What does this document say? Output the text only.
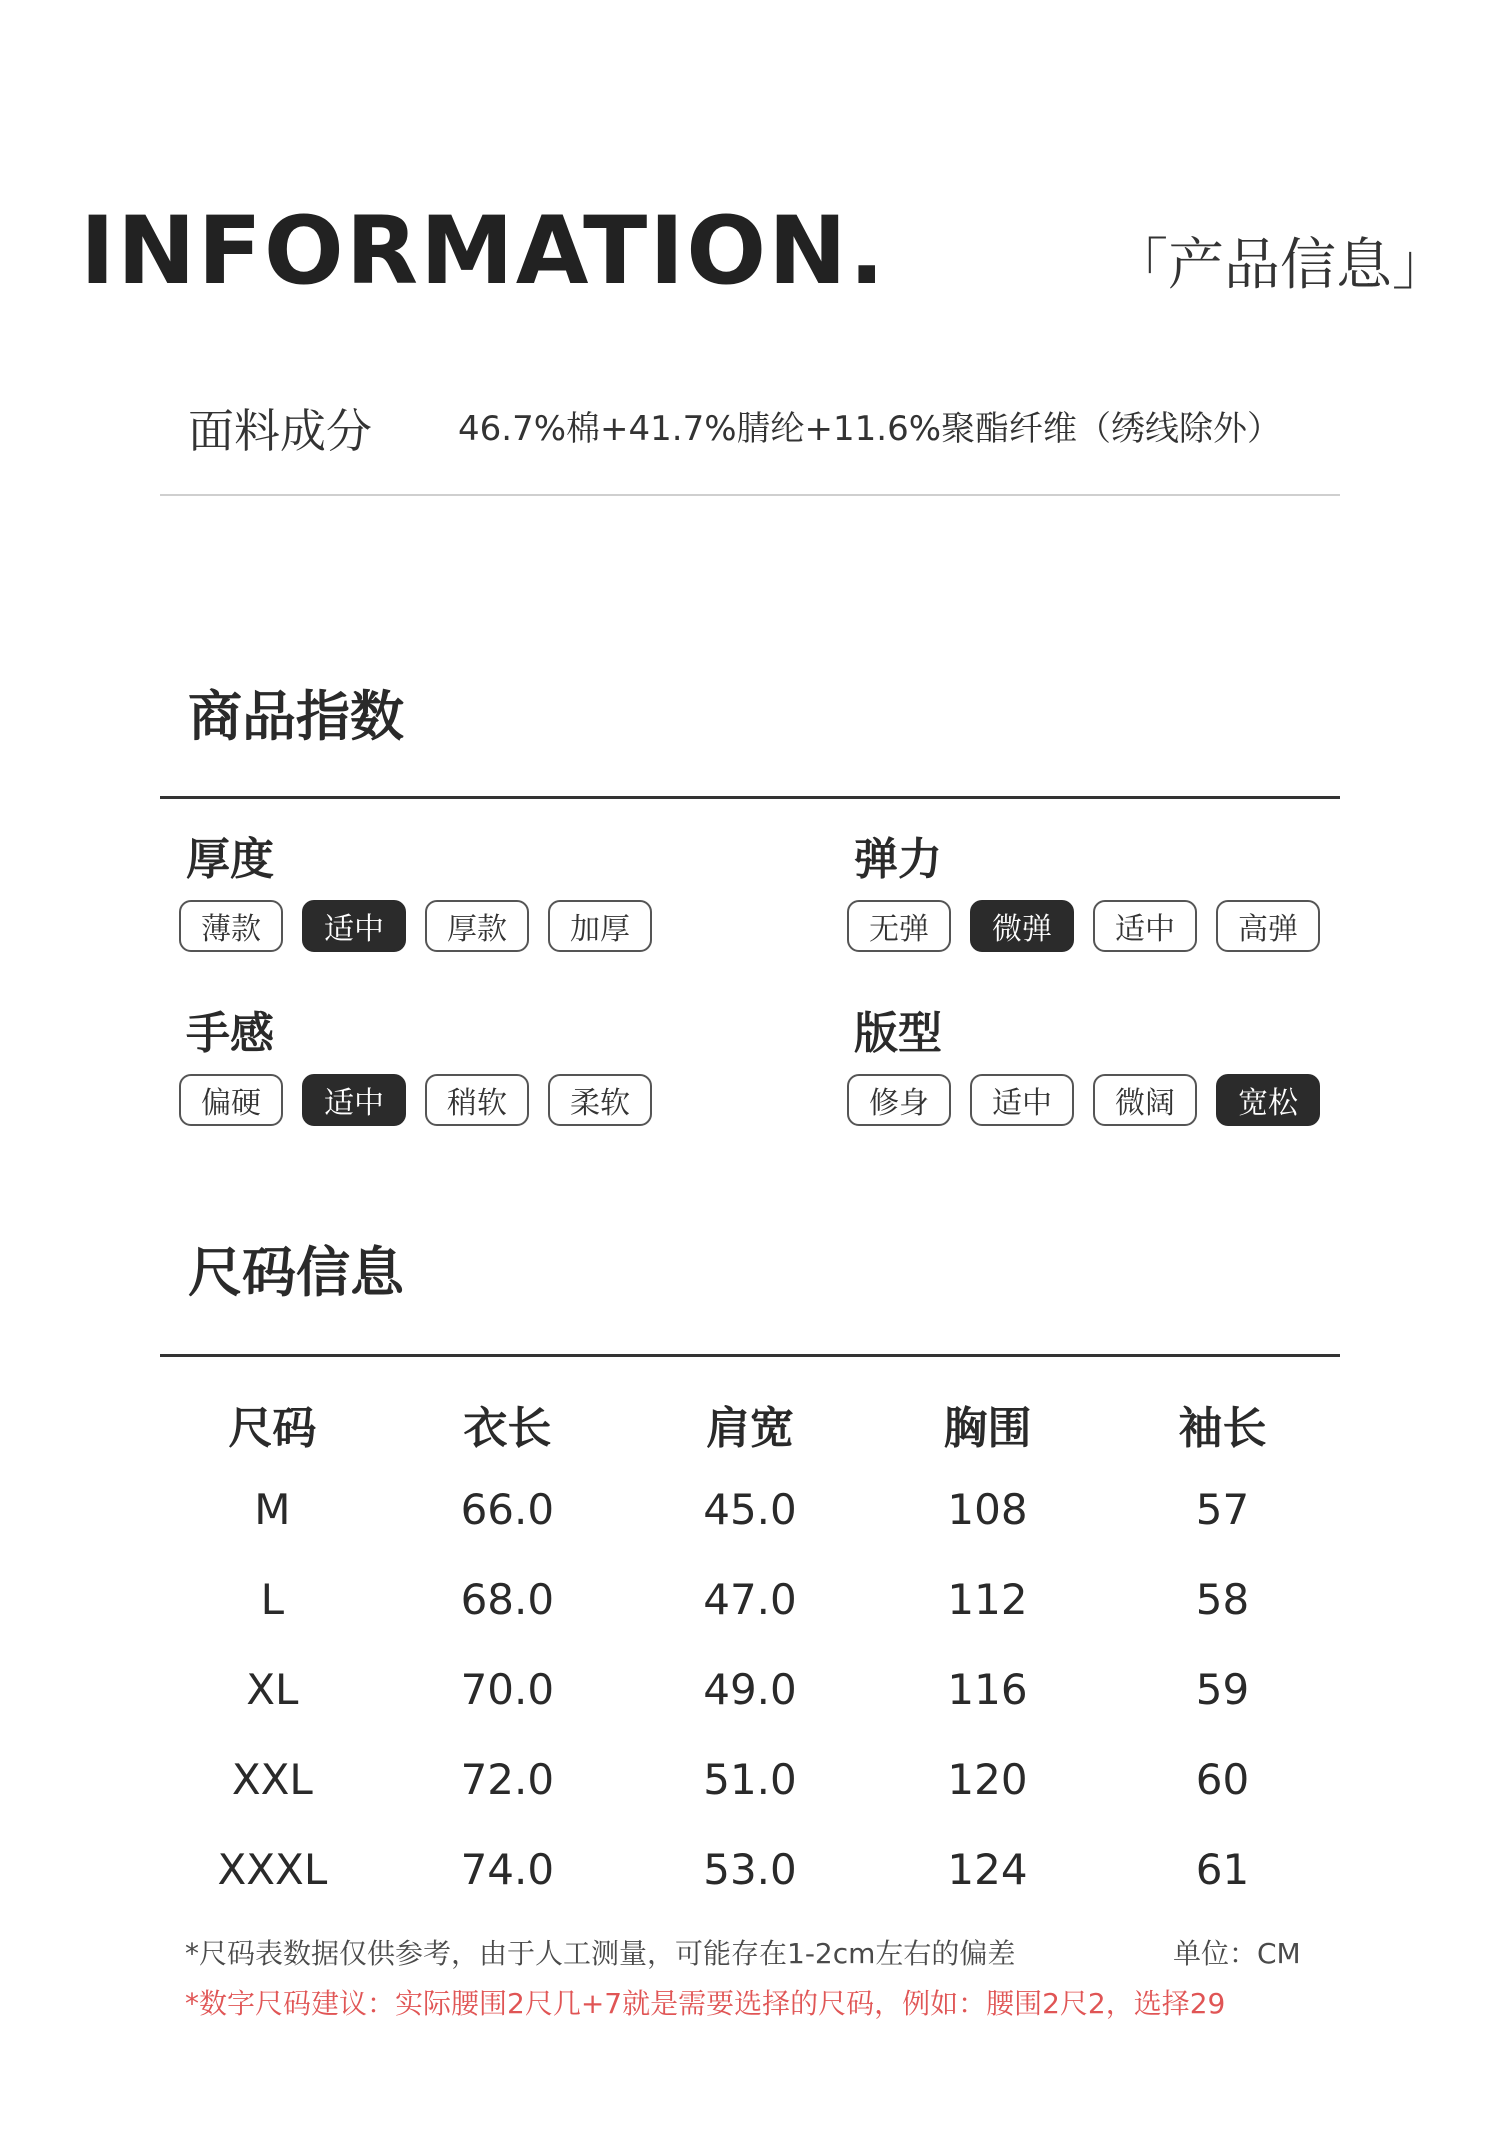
INFORMATION.	「产品信息」
面料成分	46.7%棉+41.7%腈纶+11.6%聚酯纤维（绣线除外）
商品指数
厚度
薄款	适中	厚款	加厚
弹力
无弹	微弹	适中	高弹
手感
偏硬	适中	稍软	柔软
版型
修身	适中	微阔	宽松
尺码信息
尺码	衣长	肩宽	胸围	袖长
M	66.0	45.0	108	57
L	68.0	47.0	112	58
XL	70.0	49.0	116	59
XXL	72.0	51.0	120	60
XXXL	74.0	53.0	124	61
*尺码表数据仅供参考，由于人工测量，可能存在1-2cm左右的偏差	单位：CM
*数字尺码建议：实际腰围2尺几+7就是需要选择的尺码，例如：腰围2尺2，选择29
